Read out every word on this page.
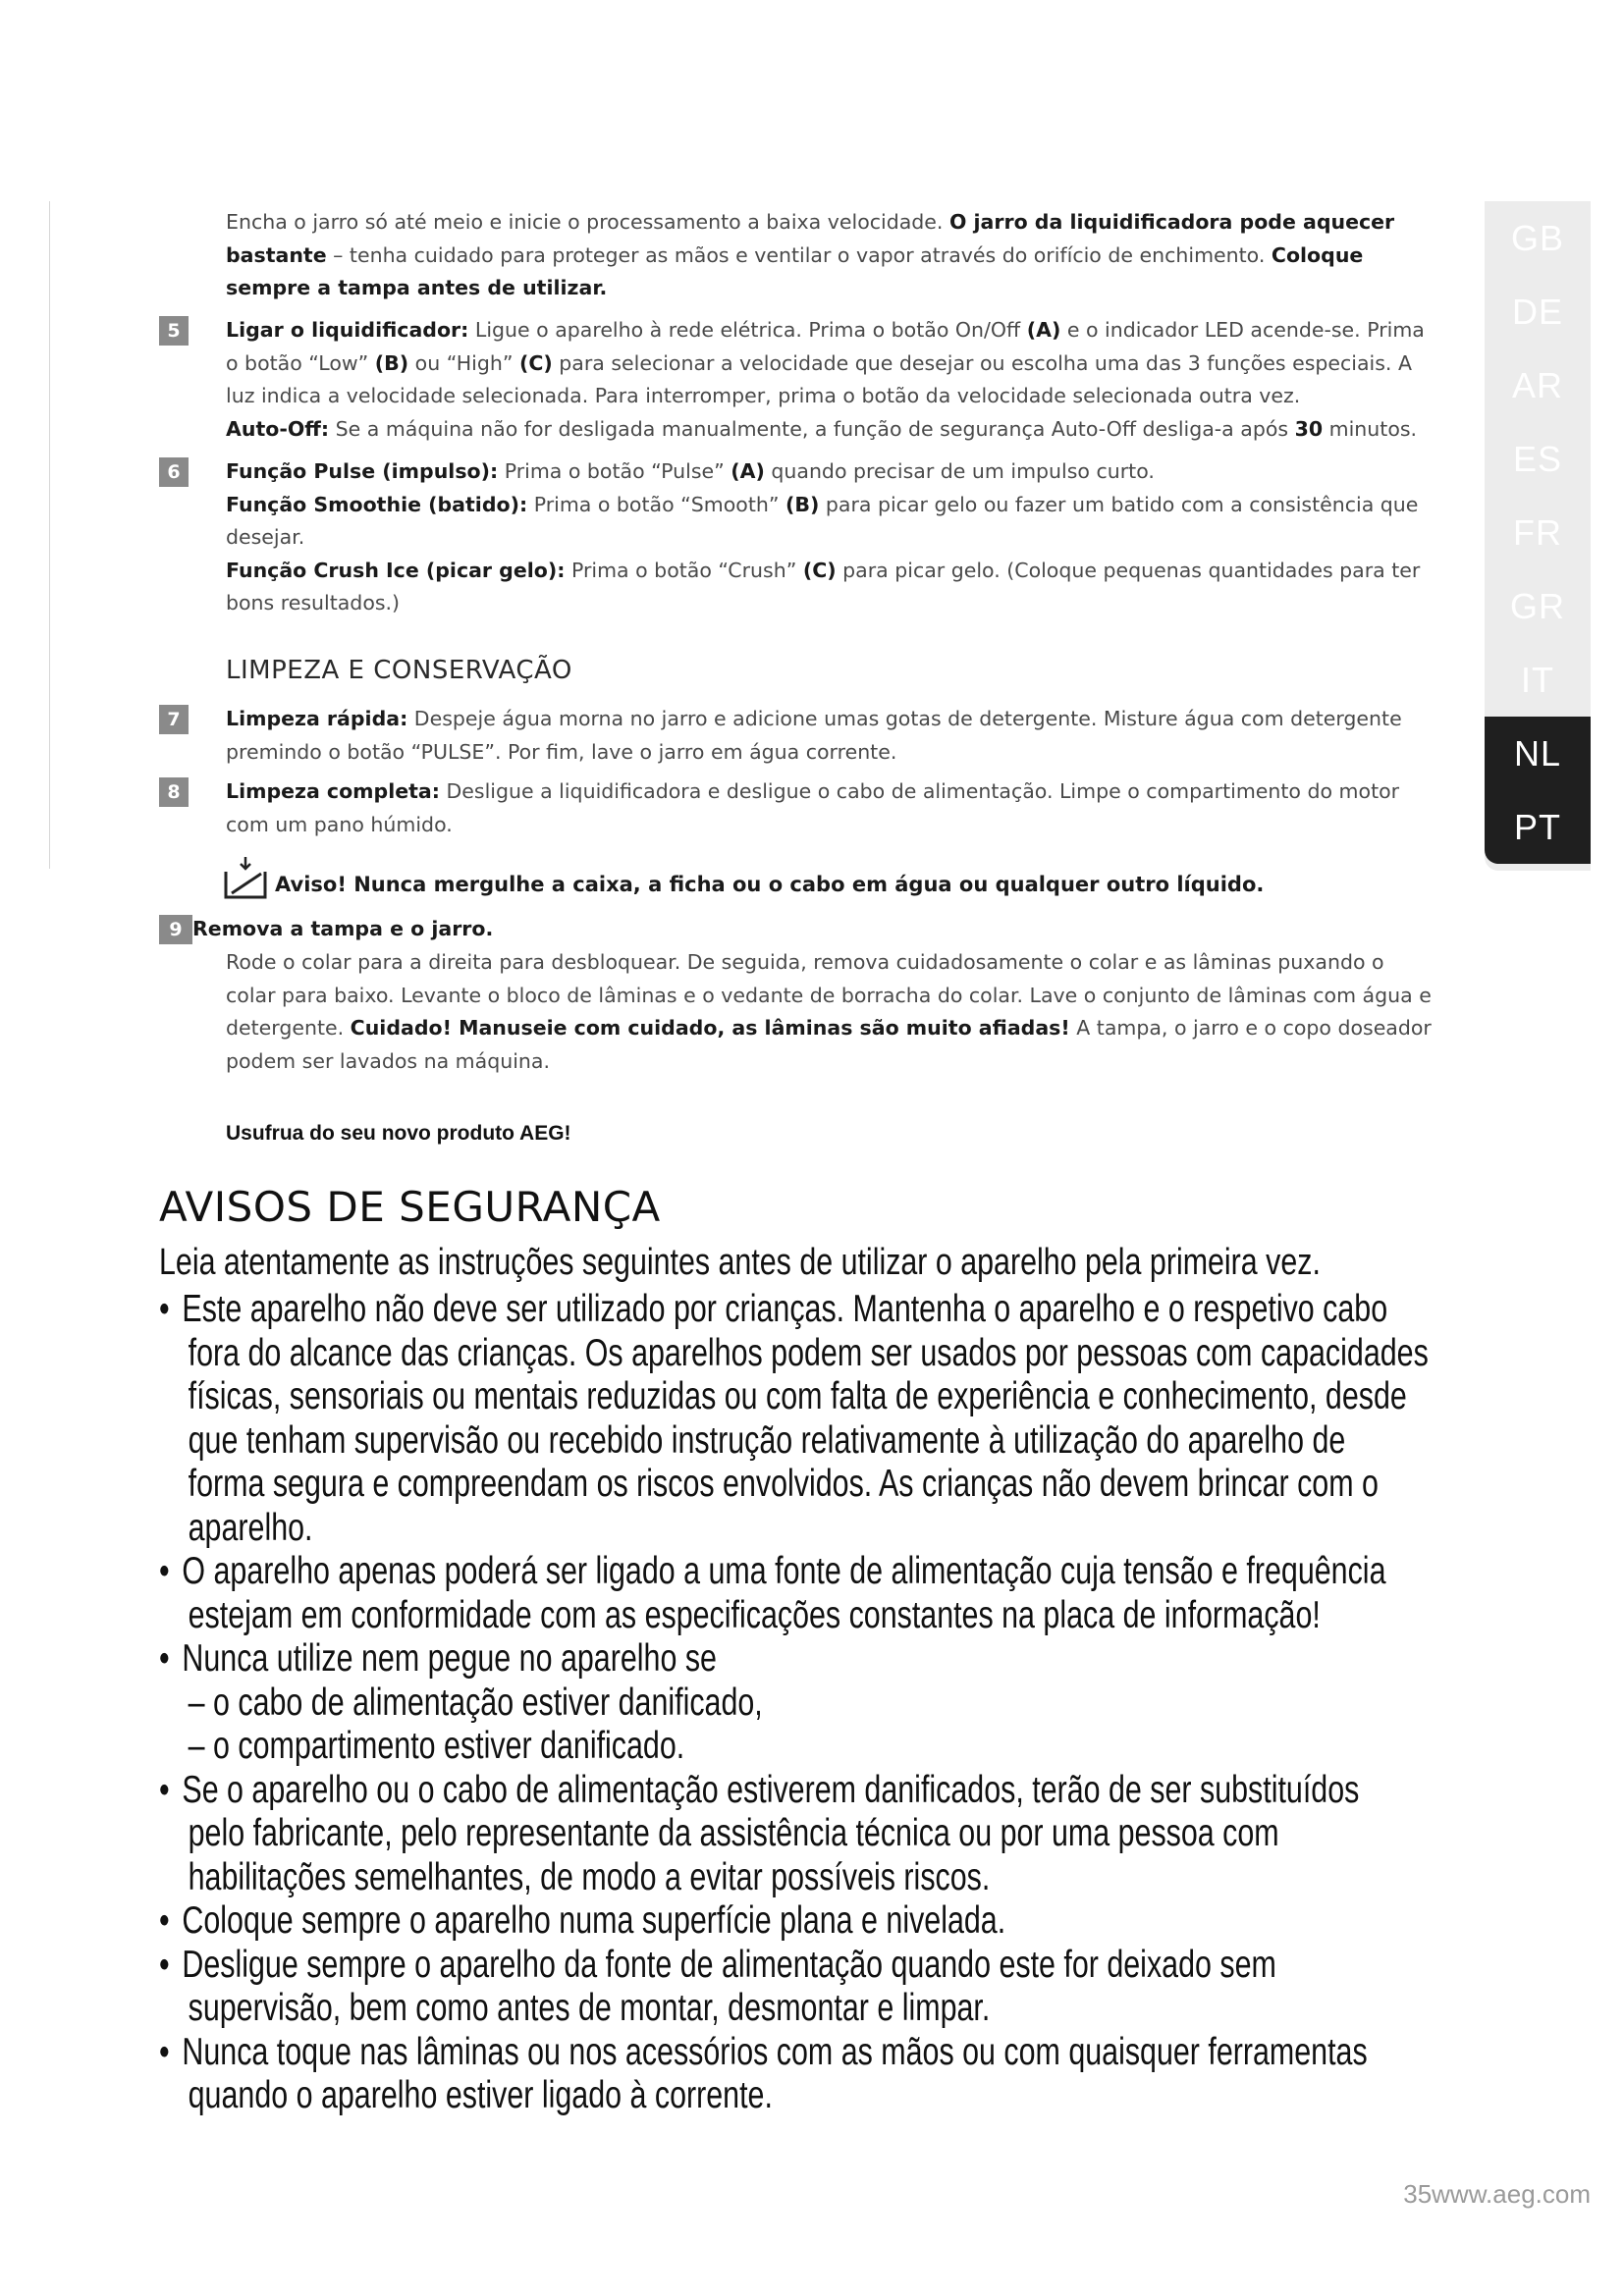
GB
DE
AR
ES
FR
GR
IT
NL
PT
Encha o jarro só até meio e inicie o processamento a baixa velocidade. O jarro da liquidificadora pode aquecer bastante – tenha cuidado para proteger as mãos e ventilar o vapor através do orifício de enchimento. Coloque sempre a tampa antes de utilizar.
5	Ligar o liquidificador: Ligue o aparelho à rede elétrica. Prima o botão On/Off (A) e o indicador LED acende-se. Prima o botão “Low” (B) ou “High” (C) para selecionar a velocidade que desejar ou escolha uma das 3 funções especiais. A luz indica a velocidade selecionada. Para interromper, prima o botão da velocidade selecionada outra vez.
Auto-Off: Se a máquina não for desligada manualmente, a função de segurança Auto-Off desliga-a após 30 minutos.
6	Função Pulse (impulso): Prima o botão “Pulse” (A) quando precisar de um impulso curto.
Função Smoothie (batido): Prima o botão “Smooth” (B) para picar gelo ou fazer um batido com a consistência que desejar.
Função Crush Ice (picar gelo): Prima o botão “Crush” (C) para picar gelo. (Coloque pequenas quantidades para ter bons resultados.)
LIMPEZA E CONSERVAÇÃO
7	Limpeza rápida: Despeje água morna no jarro e adicione umas gotas de detergente. Misture água com detergente premindo o botão “PULSE”. Por fim, lave o jarro em água corrente.
8	Limpeza completa: Desligue a liquidificadora e desligue o cabo de alimentação. Limpe o compartimento do motor com um pano húmido.
Aviso! Nunca mergulhe a caixa, a ficha ou o cabo em água ou qualquer outro líquido.
9 Remova a tampa e o jarro.
Rode o colar para a direita para desbloquear. De seguida, remova cuidadosamente o colar e as lâminas puxando o colar para baixo. Levante o bloco de lâminas e o vedante de borracha do colar. Lave o conjunto de lâminas com água e detergente. Cuidado! Manuseie com cuidado, as lâminas são muito afiadas! A tampa, o jarro e o copo doseador podem ser lavados na máquina.
Usufrua do seu novo produto AEG!
AVISOS DE SEGURANÇA
Leia atentamente as instruções seguintes antes de utilizar o aparelho pela primeira vez.
• Este aparelho não deve ser utilizado por crianças. Mantenha o aparelho e o respetivo cabo
fora do alcance das crianças. Os aparelhos podem ser usados por pessoas com capacidades
físicas, sensoriais ou mentais reduzidas ou com falta de experiência e conhecimento, desde
que tenham supervisão ou recebido instrução relativamente à utilização do aparelho de
forma segura e compreendam os riscos envolvidos. As crianças não devem brincar com o
aparelho.
• O aparelho apenas poderá ser ligado a uma fonte de alimentação cuja tensão e frequência
estejam em conformidade com as especificações constantes na placa de informação!
• Nunca utilize nem pegue no aparelho se
– o cabo de alimentação estiver danificado,
– o compartimento estiver danificado.
• Se o aparelho ou o cabo de alimentação estiverem danificados, terão de ser substituídos
pelo fabricante, pelo representante da assistência técnica ou por uma pessoa com
habilitações semelhantes, de modo a evitar possíveis riscos.
• Coloque sempre o aparelho numa superfície plana e nivelada.
• Desligue sempre o aparelho da fonte de alimentação quando este for deixado sem
supervisão, bem como antes de montar, desmontar e limpar.
• Nunca toque nas lâminas ou nos acessórios com as mãos ou com quaisquer ferramentas
quando o aparelho estiver ligado à corrente.
35www.aeg.com
